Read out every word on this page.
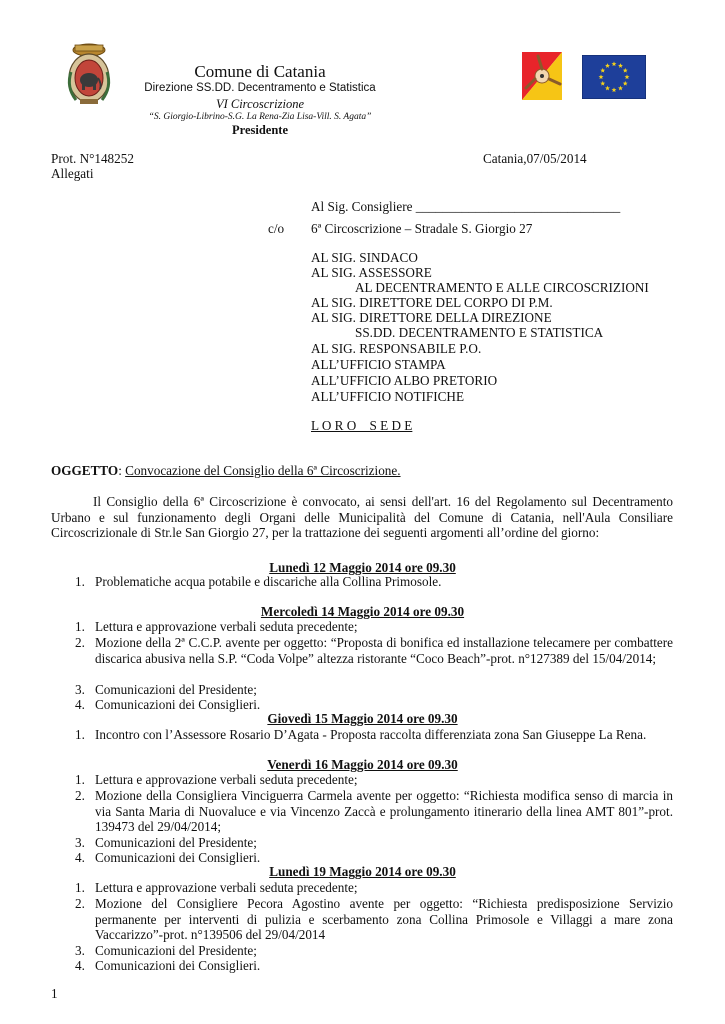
Comune di Catania
Direzione SS.DD. Decentramento e Statistica
VI Circoscrizione
“S. Giorgio-Librino-S.G. La Rena-Zia Lisa-Vill. S. Agata”
Presidente
Prot. N°148252
Allegati
Catania,07/05/2014
Al Sig. Consigliere _______________________________
c/o 6ª Circoscrizione – Stradale S. Giorgio 27
AL SIG. SINDACO
AL SIG. ASSESSORE
AL DECENTRAMENTO E ALLE CIRCOSCRIZIONI
AL SIG. DIRETTORE DEL CORPO DI P.M.
AL SIG. DIRETTORE DELLA DIREZIONE
SS.DD. DECENTRAMENTO E STATISTICA
AL SIG. RESPONSABILE P.O.
ALL’UFFICIO STAMPA
ALL’UFFICIO ALBO PRETORIO
ALL’UFFICIO NOTIFICHE
L O R O    S E D E
OGGETTO: Convocazione del Consiglio della 6ª Circoscrizione.
Il Consiglio della 6ª Circoscrizione è convocato, ai sensi dell'art. 16 del Regolamento sul Decentramento Urbano e sul funzionamento degli Organi delle Municipalità del Comune di Catania, nell'Aula Consiliare Circoscrizionale di Str.le San Giorgio 27, per la trattazione dei seguenti argomenti all’ordine del giorno:
Lunedì 12 Maggio 2014 ore 09.30
1. Problematiche acqua potabile e discariche alla Collina Primosole.
Mercoledì 14 Maggio 2014 ore 09.30
1. Lettura e approvazione verbali seduta precedente;
2. Mozione della 2ª C.C.P. avente per oggetto: “Proposta di bonifica ed installazione telecamere per combattere discarica abusiva nella S.P. “Coda Volpe” altezza ristorante “Coco Beach”-prot. n°127389 del 15/04/2014;
3. Comunicazioni del Presidente;
4. Comunicazioni dei Consiglieri.
Giovedì 15 Maggio 2014 ore 09.30
1. Incontro con l’Assessore Rosario D’Agata - Proposta raccolta differenziata zona San Giuseppe La Rena.
Venerdì 16 Maggio 2014 ore 09.30
1. Lettura e approvazione verbali seduta precedente;
2. Mozione della Consigliera Vinciguerra Carmela avente per oggetto: “Richiesta modifica senso di marcia in via Santa Maria di Nuovaluce e via Vincenzo Zaccà e prolungamento itinerario della linea AMT 801”-prot. 139473 del 29/04/2014;
3. Comunicazioni del Presidente;
4. Comunicazioni dei Consiglieri.
Lunedì 19 Maggio 2014 ore 09.30
1. Lettura e approvazione verbali seduta precedente;
2. Mozione del Consigliere Pecora Agostino avente per oggetto: “Richiesta predisposizione Servizio permanente per interventi di pulizia e scerbamento zona Collina Primosole e Villaggi a mare zona Vaccarizzo”-prot. n°139506 del 29/04/2014
3. Comunicazioni del Presidente;
4. Comunicazioni dei Consiglieri.
1
